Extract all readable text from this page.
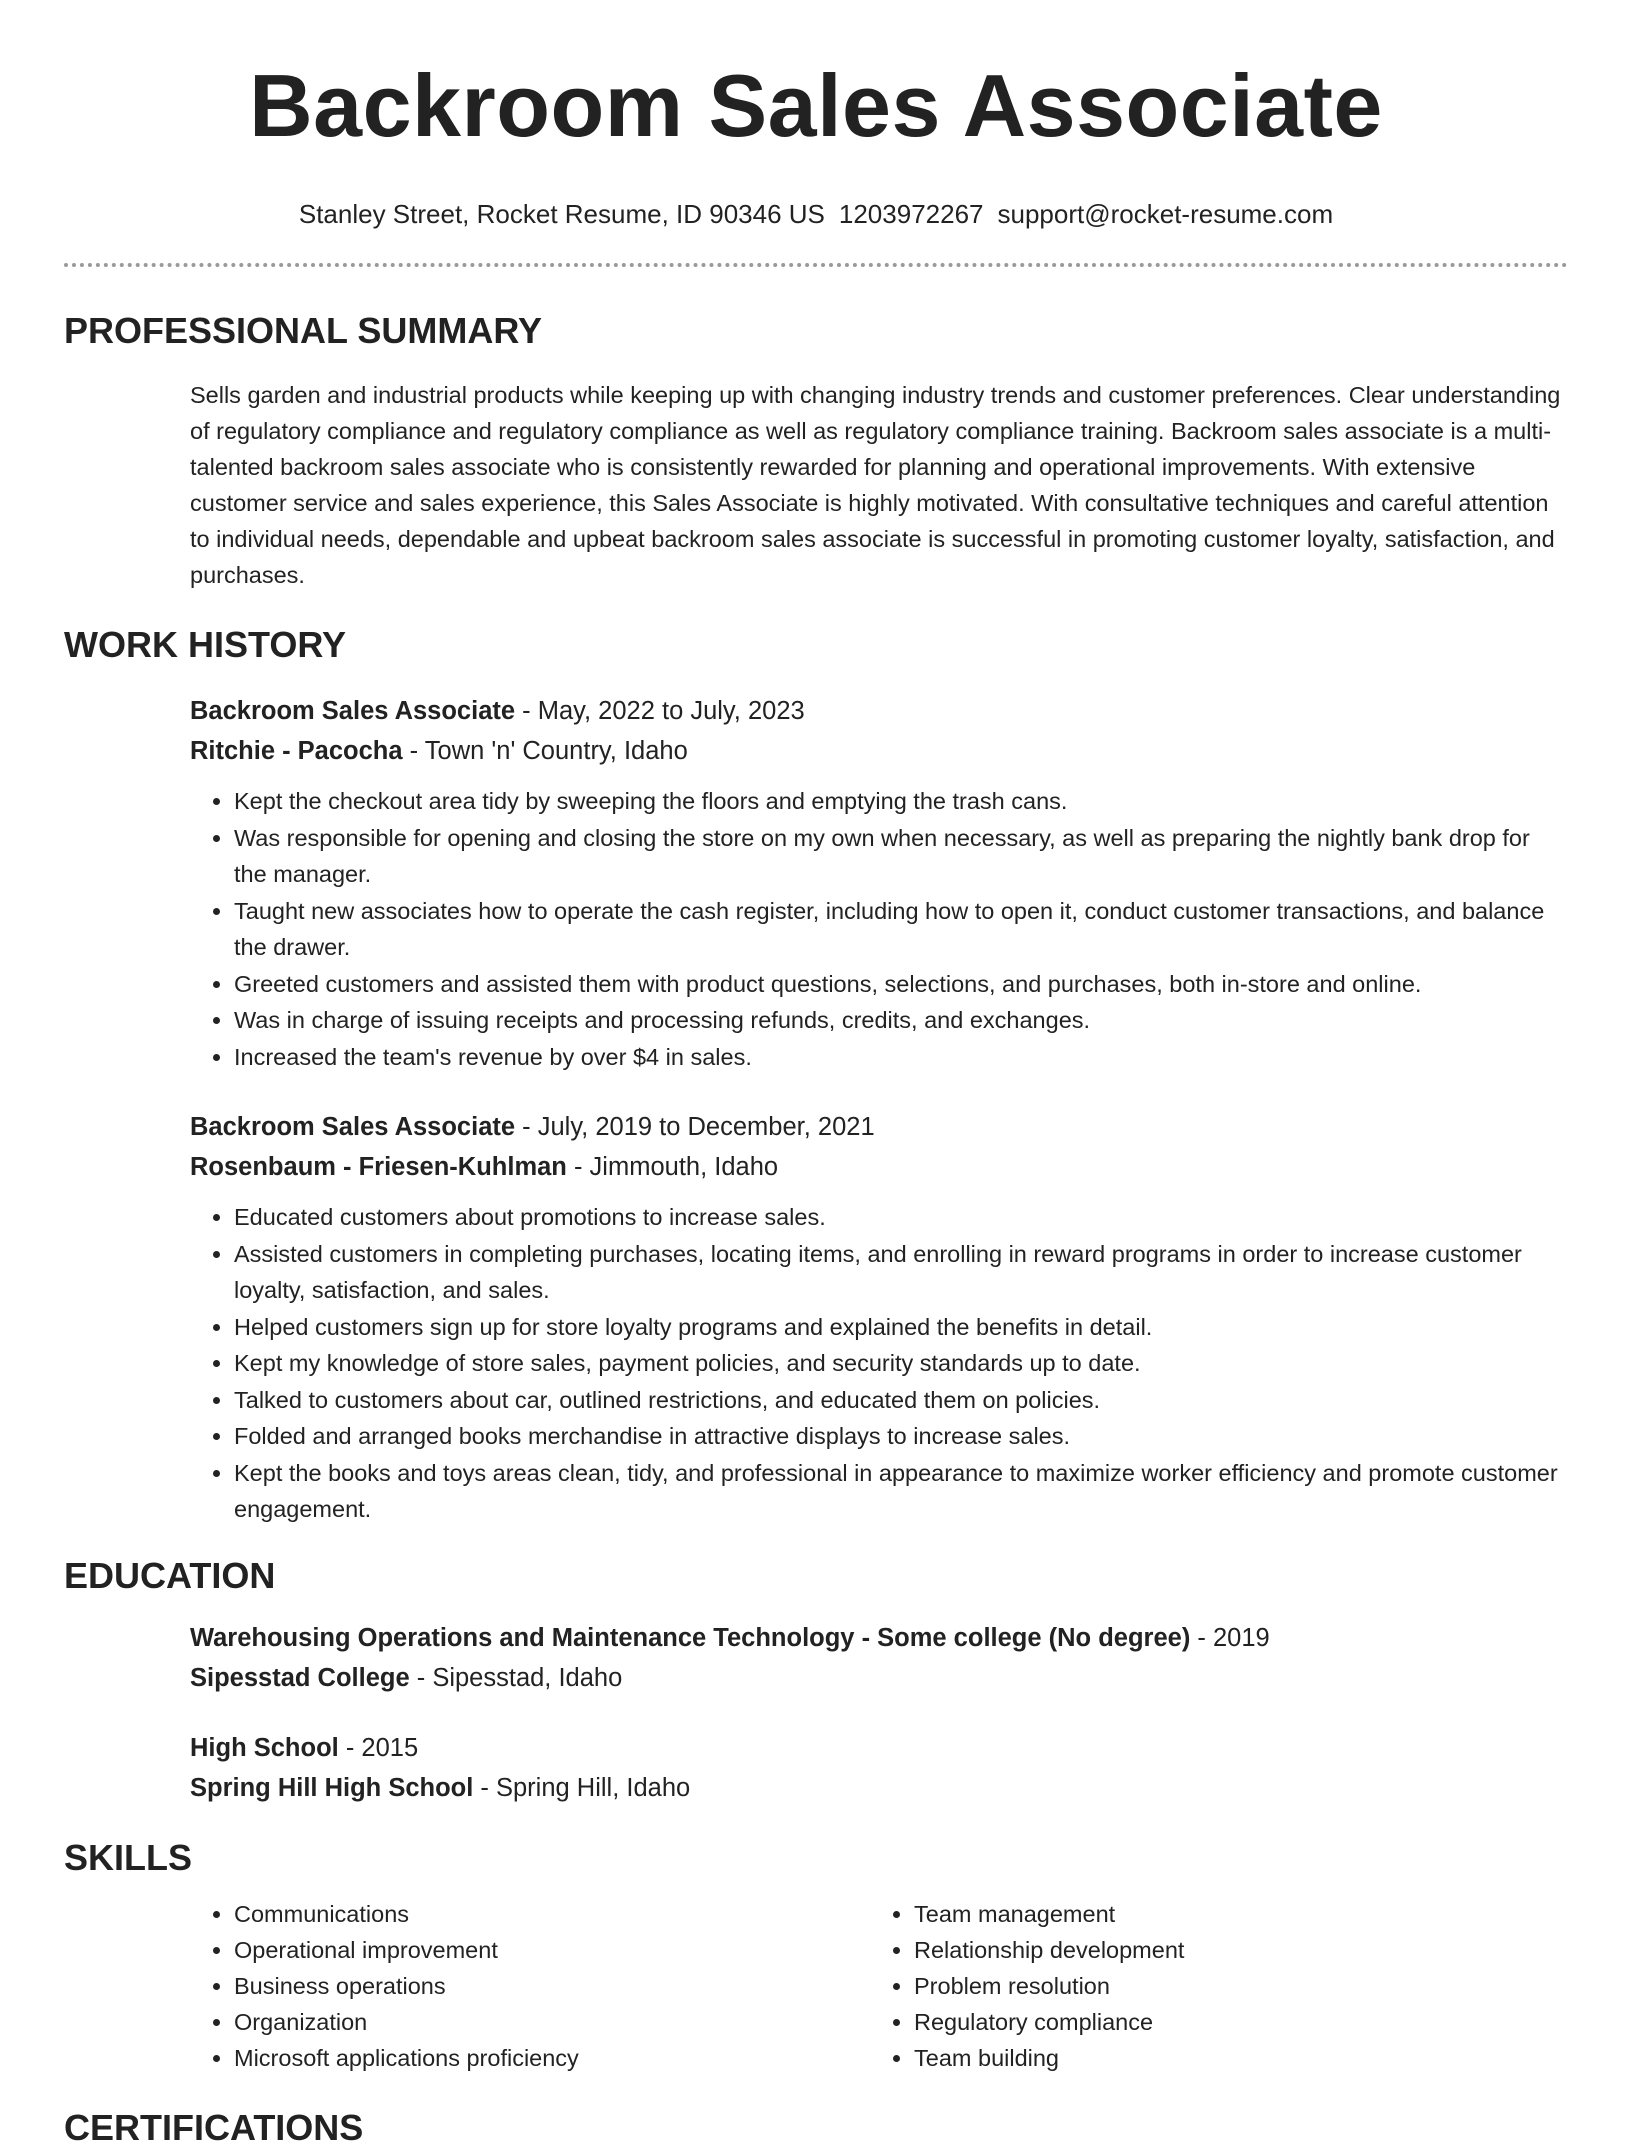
Backroom Sales Associate
Stanley Street, Rocket Resume, ID 90346 US 1203972267 support@rocket-resume.com
PROFESSIONAL SUMMARY
Sells garden and industrial products while keeping up with changing industry trends and customer preferences. Clear understanding of regulatory compliance and regulatory compliance as well as regulatory compliance training. Backroom sales associate is a multi-talented backroom sales associate who is consistently rewarded for planning and operational improvements. With extensive customer service and sales experience, this Sales Associate is highly motivated. With consultative techniques and careful attention to individual needs, dependable and upbeat backroom sales associate is successful in promoting customer loyalty, satisfaction, and purchases.
WORK HISTORY
Backroom Sales Associate - May, 2022 to July, 2023
Ritchie - Pacocha - Town 'n' Country, Idaho
• Kept the checkout area tidy by sweeping the floors and emptying the trash cans.
• Was responsible for opening and closing the store on my own when necessary, as well as preparing the nightly bank drop for the manager.
• Taught new associates how to operate the cash register, including how to open it, conduct customer transactions, and balance the drawer.
• Greeted customers and assisted them with product questions, selections, and purchases, both in-store and online.
• Was in charge of issuing receipts and processing refunds, credits, and exchanges.
• Increased the team's revenue by over $4 in sales.
Backroom Sales Associate - July, 2019 to December, 2021
Rosenbaum - Friesen-Kuhlman - Jimmouth, Idaho
• Educated customers about promotions to increase sales.
• Assisted customers in completing purchases, locating items, and enrolling in reward programs in order to increase customer loyalty, satisfaction, and sales.
• Helped customers sign up for store loyalty programs and explained the benefits in detail.
• Kept my knowledge of store sales, payment policies, and security standards up to date.
• Talked to customers about car, outlined restrictions, and educated them on policies.
• Folded and arranged books merchandise in attractive displays to increase sales.
• Kept the books and toys areas clean, tidy, and professional in appearance to maximize worker efficiency and promote customer engagement.
EDUCATION
Warehousing Operations and Maintenance Technology - Some college (No degree) - 2019
Sipesstad College - Sipesstad, Idaho
High School - 2015
Spring Hill High School - Spring Hill, Idaho
SKILLS
• Communications
• Operational improvement
• Business operations
• Organization
• Microsoft applications proficiency
• Team management
• Relationship development
• Problem resolution
• Regulatory compliance
• Team building
CERTIFICATIONS
